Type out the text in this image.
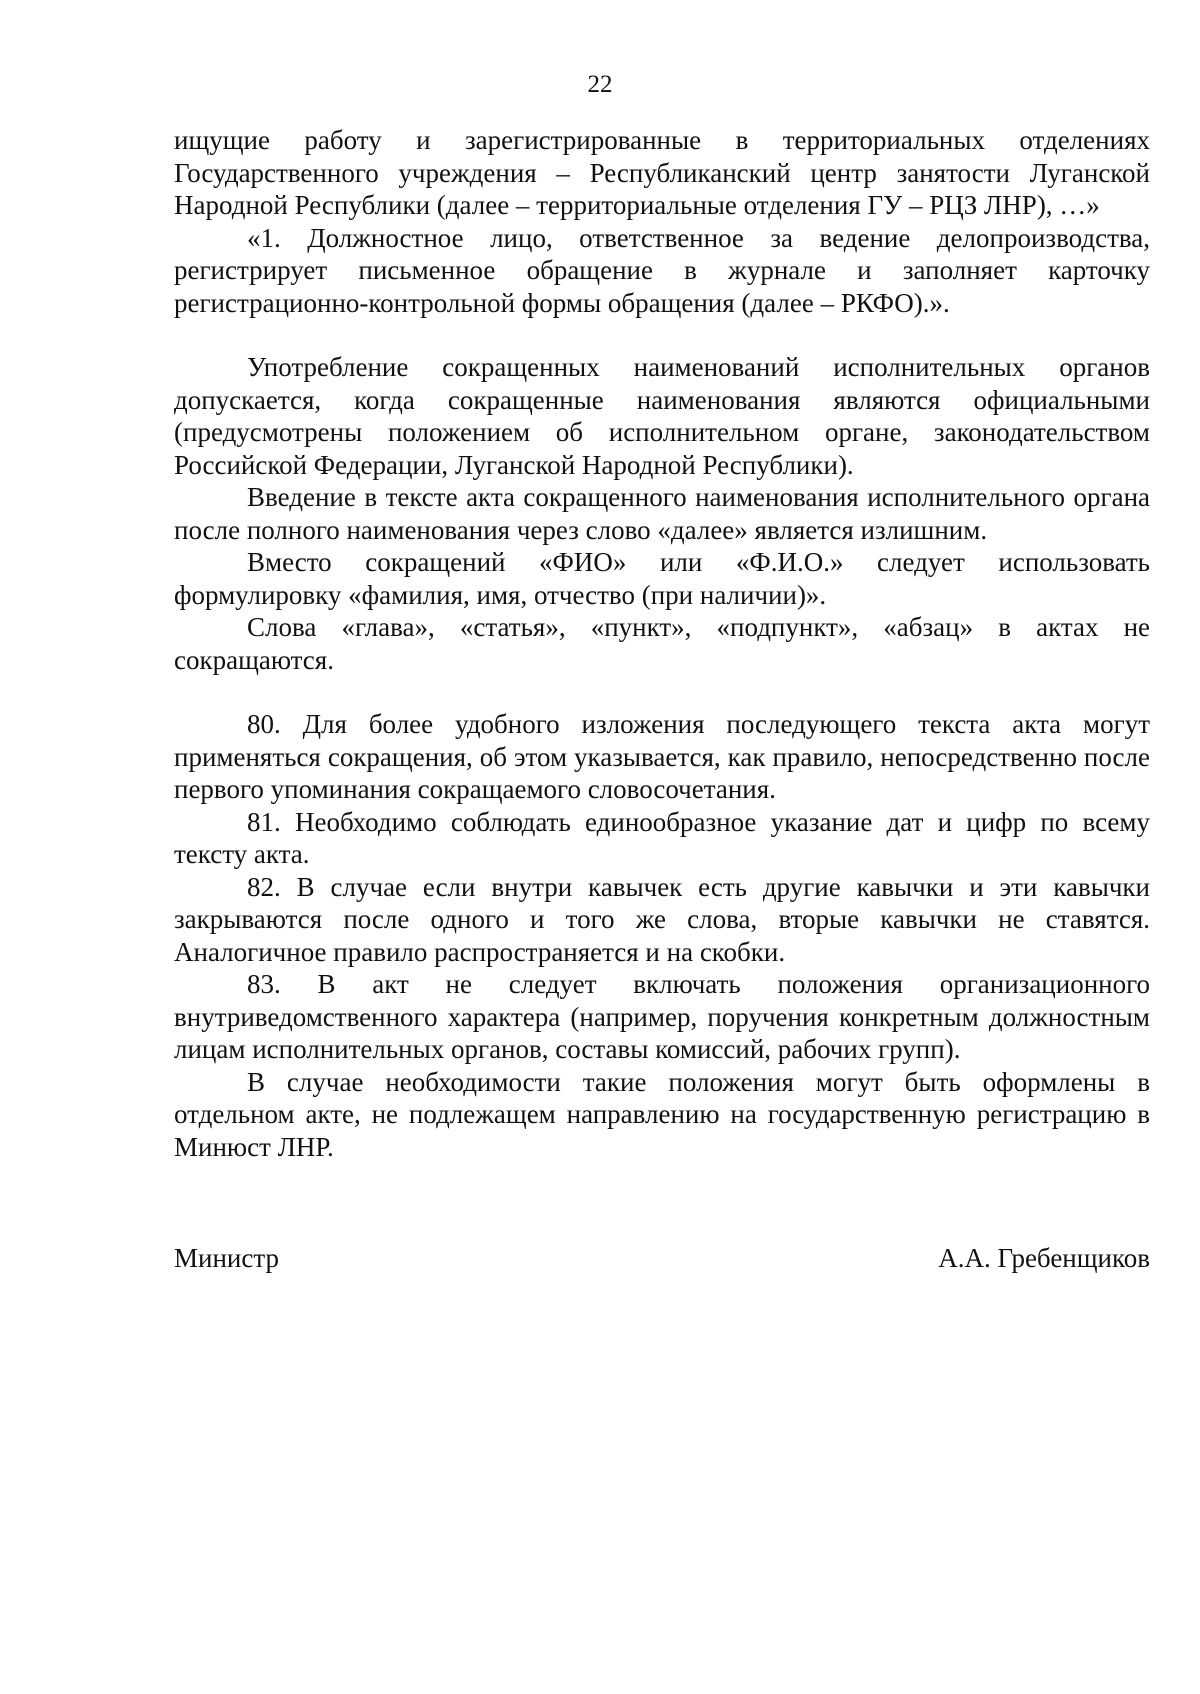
22

ищущие работу и зарегистрированные в территориальных отделениях Государственного учреждения – Республиканский центр занятости Луганской Народной Республики (далее – территориальные отделения ГУ – РЦЗ ЛНР), …»

«1. Должностное лицо, ответственное за ведение делопроизводства, регистрирует письменное обращение в журнале и заполняет карточку регистрационно-контрольной формы обращения (далее – РКФО).».

Употребление сокращенных наименований исполнительных органов допускается, когда сокращенные наименования являются официальными (предусмотрены положением об исполнительном органе, законодательством Российской Федерации, Луганской Народной Республики).

Введение в тексте акта сокращенного наименования исполнительного органа после полного наименования через слово «далее» является излишним.

Вместо сокращений «ФИО» или «Ф.И.О.» следует использовать формулировку «фамилия, имя, отчество (при наличии)».

Слова «глава», «статья», «пункт», «подпункт», «абзац» в актах не сокращаются.

80. Для более удобного изложения последующего текста акта могут применяться сокращения, об этом указывается, как правило, непосредственно после первого упоминания сокращаемого словосочетания.

81. Необходимо соблюдать единообразное указание дат и цифр по всему тексту акта.

82. В случае если внутри кавычек есть другие кавычки и эти кавычки закрываются после одного и того же слова, вторые кавычки не ставятся. Аналогичное правило распространяется и на скобки.

83. В акт не следует включать положения организационного внутриведомственного характера (например, поручения конкретным должностным лицам исполнительных органов, составы комиссий, рабочих групп).

В случае необходимости такие положения могут быть оформлены в отдельном акте, не подлежащем направлению на государственную регистрацию в Минюст ЛНР.

Министр	А.А. Гребенщиков
